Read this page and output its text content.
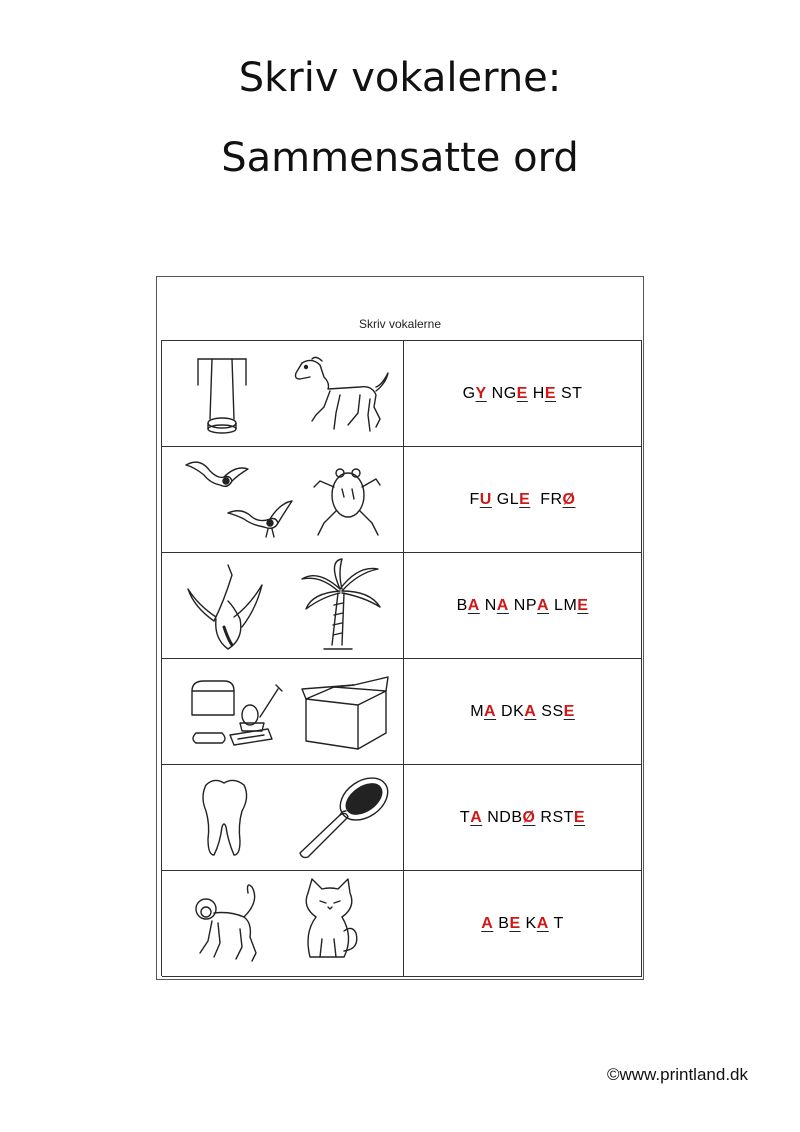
Skriv vokalerne:
Sammensatte ord
Skriv vokalerne
GY NGE HE ST
FU GLE  FRØ
BA NA NPA LME
MA DKA SSE
TA NDBØ RSTE
A BE KA T
©www.printland.dk
